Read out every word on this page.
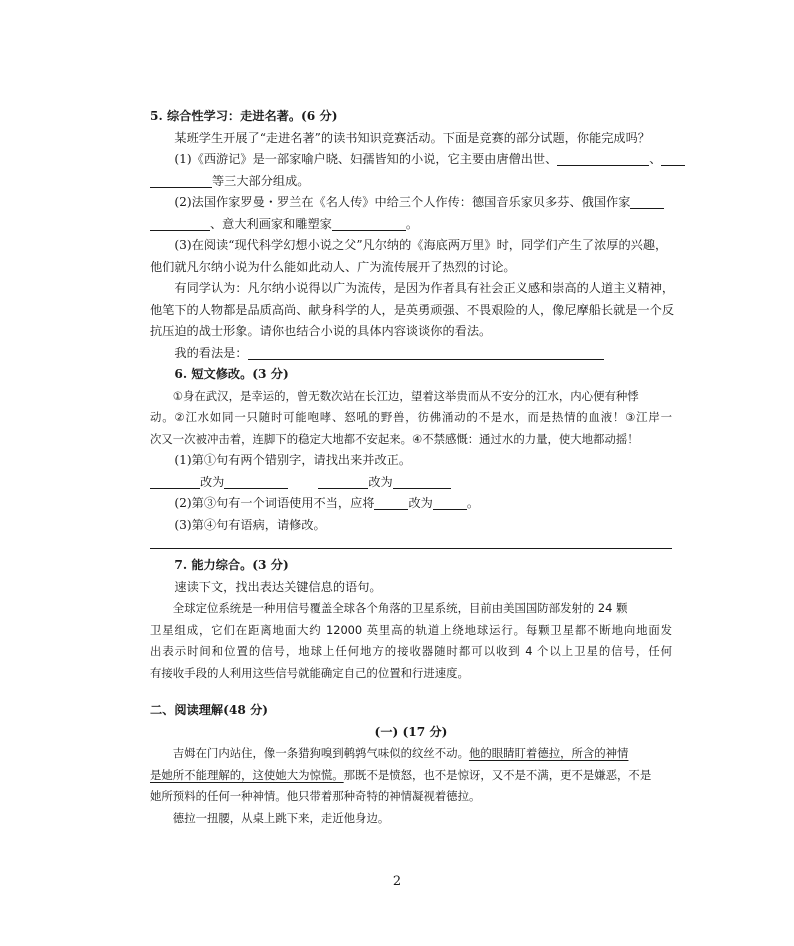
5. 综合性学习：走进名著。(6 分)
某班学生开展了“走进名著”的读书知识竞赛活动。下面是竞赛的部分试题，你能完成吗？
(1)《西游记》是一部家喻户晓、妇孺皆知的小说，它主要由唐僧出世、	、
等三大部分组成。
(2)法国作家罗曼・罗兰在《名人传》中给三个人作传：德国音乐家贝多芬、俄国作家
、意大利画家和雕塑家	。
(3)在阅读“现代科学幻想小说之父”凡尔纳的《海底两万里》时，同学们产生了浓厚的兴趣，
他们就凡尔纳小说为什么能如此动人、广为流传展开了热烈的讨论。
有同学认为：凡尔纳小说得以广为流传，是因为作者具有社会正义感和崇高的人道主义精神，
他笔下的人物都是品质高尚、献身科学的人，是英勇顽强、不畏艰险的人，像尼摩船长就是一个反
抗压迫的战士形象。请你也结合小说的具体内容谈谈你的看法。
我的看法是：
6. 短文修改。(3 分)
①身在武汉，是幸运的，曾无数次站在长江边，望着这举贵而从不安分的江水，内心便有种悸
动。②江水如同一只随时可能咆哮、怒吼的野兽，彷佛涌动的不是水，而是热情的血液！③江岸一
次又一次被冲击着，连脚下的稳定大地都不安起来。④不禁感慨：通过水的力量，使大地都动摇！
(1)第①句有两个错别字，请找出来并改正。
改为	改为
(2)第③句有一个词语使用不当，应将	改为	。
(3)第④句有语病，请修改。
7. 能力综合。(3 分)
速读下文，找出表达关键信息的语句。
全球定位系统是一种用信号覆盖全球各个角落的卫星系统，目前由美国国防部发射的 24 颗
卫星组成，它们在距离地面大约 12000 英里高的轨道上绕地球运行。每颗卫星都不断地向地面发
出表示时间和位置的信号，地球上任何地方的接收器随时都可以收到 4 个以上卫星的信号，任何
有接收手段的人利用这些信号就能确定自己的位置和行进速度。
二、阅读理解(48 分)
(一) (17 分)
吉姆在门内站住，像一条猎狗嗅到鹌鹑气味似的纹丝不动。他的眼睛盯着德拉，所含的神情
是她所不能理解的，这使她大为惊慌。那既不是愤怒，也不是惊讶，又不是不满，更不是嫌恶，不是
她所预料的任何一种神情。他只带着那种奇特的神情凝视着德拉。
德拉一扭腰，从桌上跳下来，走近他身边。
2
